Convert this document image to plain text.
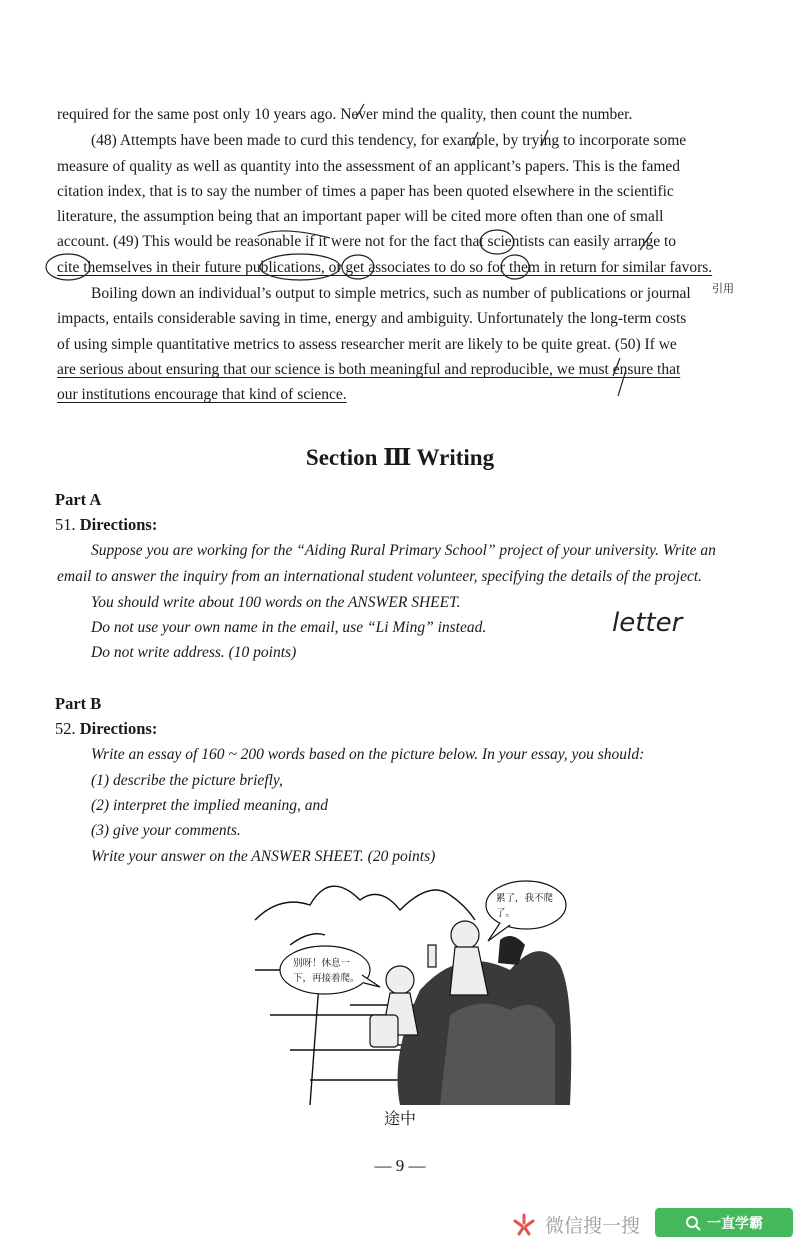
required for the same post only 10 years ago. Never mind the quality, then count the number.
(48) Attempts have been made to curd this tendency, for example, by trying to incorporate some
measure of quality as well as quantity into the assessment of an applicant’s papers. This is the famed
citation index, that is to say the number of times a paper has been quoted elsewhere in the scientific
literature, the assumption being that an important paper will be cited more often than one of small
account. (49) This would be reasonable if it were not for the fact that scientists can easily arrange to
cite themselves in their future publications, or get associates to do so for them in return for similar favors.
Boiling down an individual’s output to simple metrics, such as number of publications or journal
impacts, entails considerable saving in time, energy and ambiguity. Unfortunately the long-term costs
of using simple quantitative metrics to assess researcher merit are likely to be quite great. (50) If we
are serious about ensuring that our science is both meaningful and reproducible, we must ensure that
our institutions encourage that kind of science.
引用
Section Ⅲ Writing
Part A
51. Directions:
Suppose you are working for the “Aiding Rural Primary School” project of your university. Write an
email to answer the inquiry from an international student volunteer, specifying the details of the project.
You should write about 100 words on the ANSWER SHEET.
Do not use your own name in the email, use “Li Ming” instead.
Do not write address. (10 points)
letter
Part B
52. Directions:
Write an essay of 160 ~ 200 words based on the picture below. In your essay, you should:
(1) describe the picture briefly,
(2) interpret the implied meaning, and
(3) give your comments.
Write your answer on the ANSWER SHEET. (20 points)
别呀！休息一
下，再接着爬。
累了，我不爬
了。
途中
— 9 —
微信搜一搜	一直学霸
